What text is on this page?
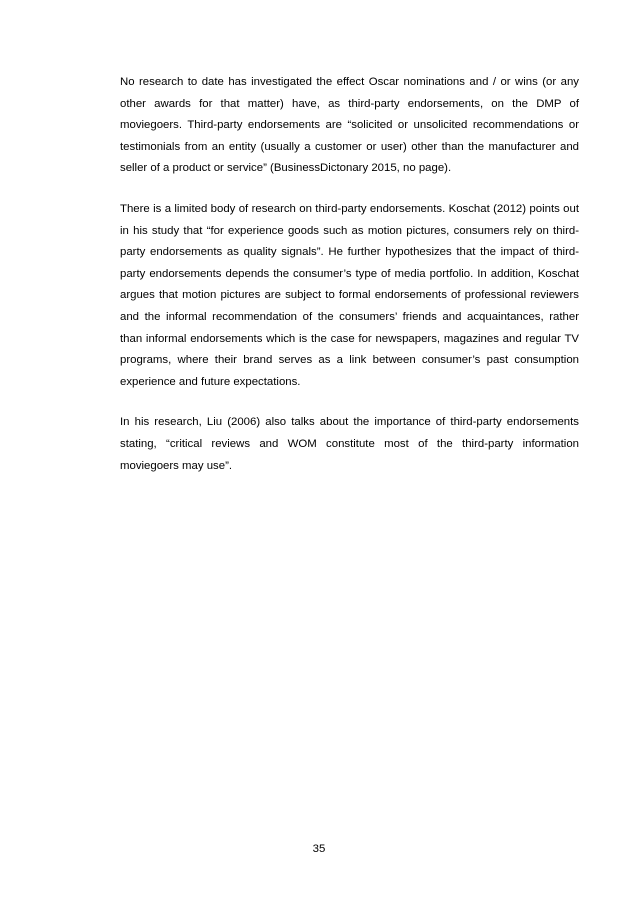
No research to date has investigated the effect Oscar nominations and / or wins (or any other awards for that matter) have, as third-party endorsements, on the DMP of moviegoers. Third-party endorsements are “solicited or unsolicited recommendations or testimonials from an entity (usually a customer or user) other than the manufacturer and seller of a product or service” (BusinessDictonary 2015, no page).

There is a limited body of research on third-party endorsements. Koschat (2012) points out in his study that “for experience goods such as motion pictures, consumers rely on third-party endorsements as quality signals”. He further hypothesizes that the impact of third-party endorsements depends the consumer’s type of media portfolio. In addition, Koschat argues that motion pictures are subject to formal endorsements of professional reviewers and the informal recommendation of the consumers’ friends and acquaintances, rather than informal endorsements which is the case for newspapers, magazines and regular TV programs, where their brand serves as a link between consumer’s past consumption experience and future expectations.

In his research, Liu (2006) also talks about the importance of third-party endorsements stating, “critical reviews and WOM constitute most of the third-party information moviegoers may use”.

35
